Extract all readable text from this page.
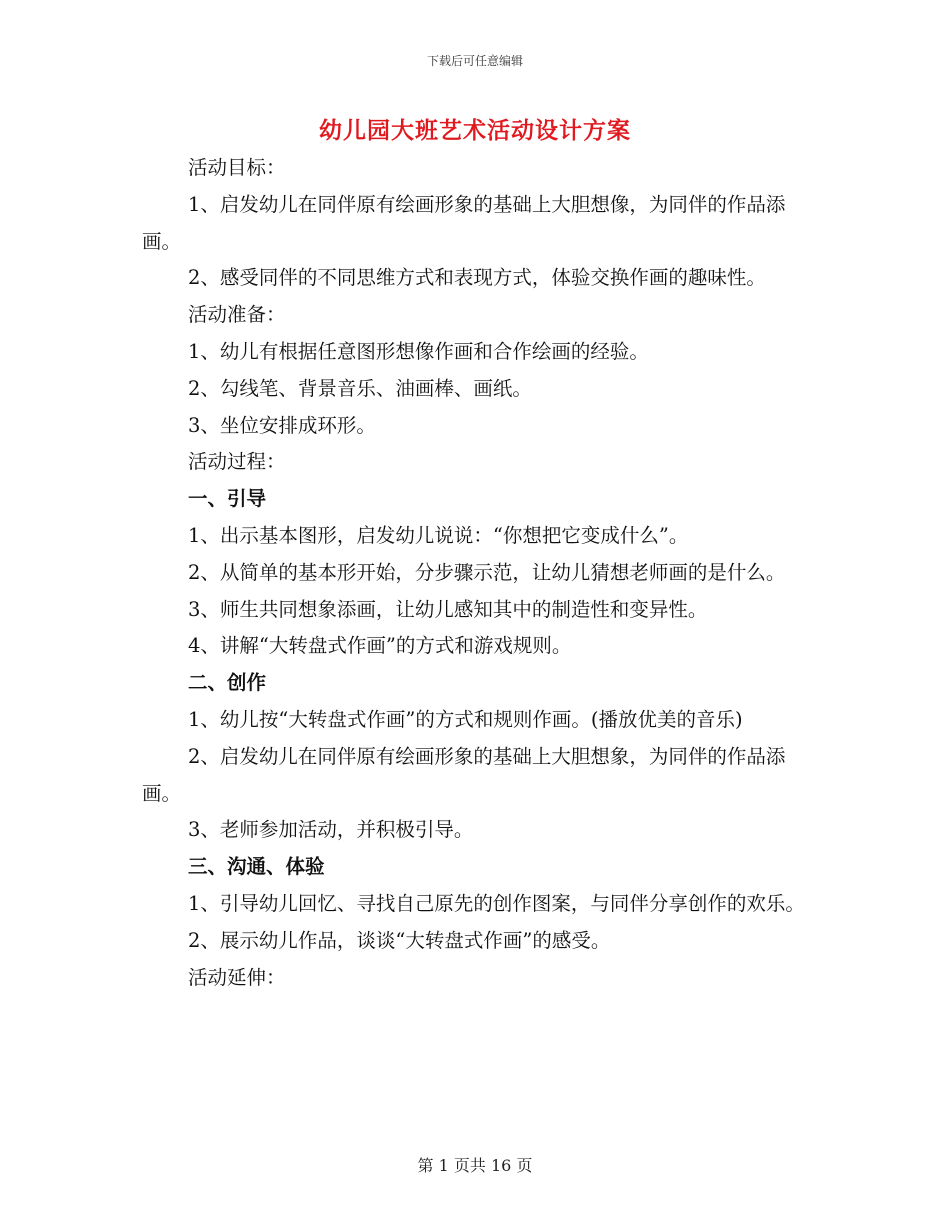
下载后可任意编辑
幼儿园大班艺术活动设计方案

活动目标：

1、启发幼儿在同伴原有绘画形象的基础上大胆想像，为同伴的作品添画。

2、感受同伴的不同思维方式和表现方式，体验交换作画的趣味性。

活动准备：

1、幼儿有根据任意图形想像作画和合作绘画的经验。

2、勾线笔、背景音乐、油画棒、画纸。

3、坐位安排成环形。

活动过程：

一、引导

1、出示基本图形，启发幼儿说说：“你想把它变成什么”。

2、从简单的基本形开始，分步骤示范，让幼儿猜想老师画的是什么。

3、师生共同想象添画，让幼儿感知其中的制造性和变异性。

4、讲解“大转盘式作画”的方式和游戏规则。

二、创作

1、幼儿按“大转盘式作画”的方式和规则作画。(播放优美的音乐)

2、启发幼儿在同伴原有绘画形象的基础上大胆想象，为同伴的作品添画。

3、老师参加活动，并积极引导。

三、沟通、体验

1、引导幼儿回忆、寻找自己原先的创作图案，与同伴分享创作的欢乐。

2、展示幼儿作品，谈谈“大转盘式作画”的感受。

活动延伸：

第 1 页共 16 页
